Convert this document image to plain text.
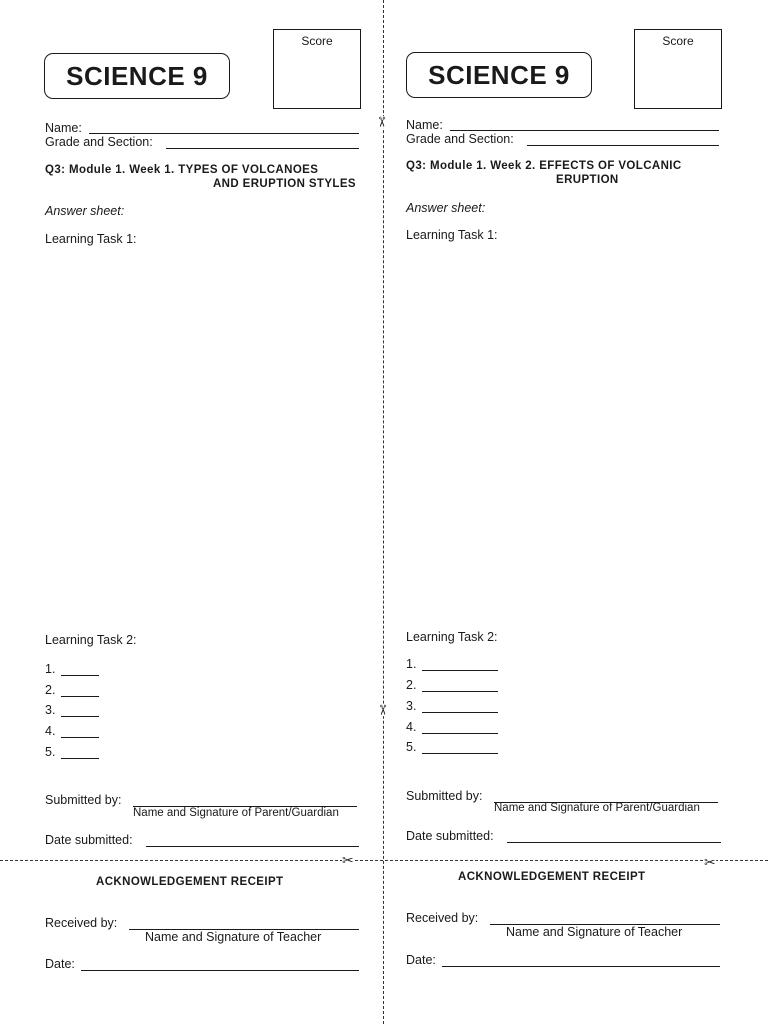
✂
✂
✂	✂
SCIENCE 9
Score
Name:
Grade and Section:
Q3: Module 1. Week 1. TYPES OF VOLCANOES
AND ERUPTION STYLES
Answer sheet:
Learning Task 1:
Learning Task 2:
1.
2.
3.
4.
5.
Submitted by:
Name and Signature of Parent/Guardian
Date submitted:
ACKNOWLEDGEMENT RECEIPT
Received by:
Name and Signature of Teacher
Date:
SCIENCE 9
Score
Name:
Grade and Section:
Q3: Module 1. Week 2. EFFECTS OF VOLCANIC
ERUPTION
Answer sheet:
Learning Task 1:
Learning Task 2:
1.
2.
3.
4.
5.
Submitted by:
Name and Signature of Parent/Guardian
Date submitted:
ACKNOWLEDGEMENT RECEIPT
Received by:
Name and Signature of Teacher
Date:
